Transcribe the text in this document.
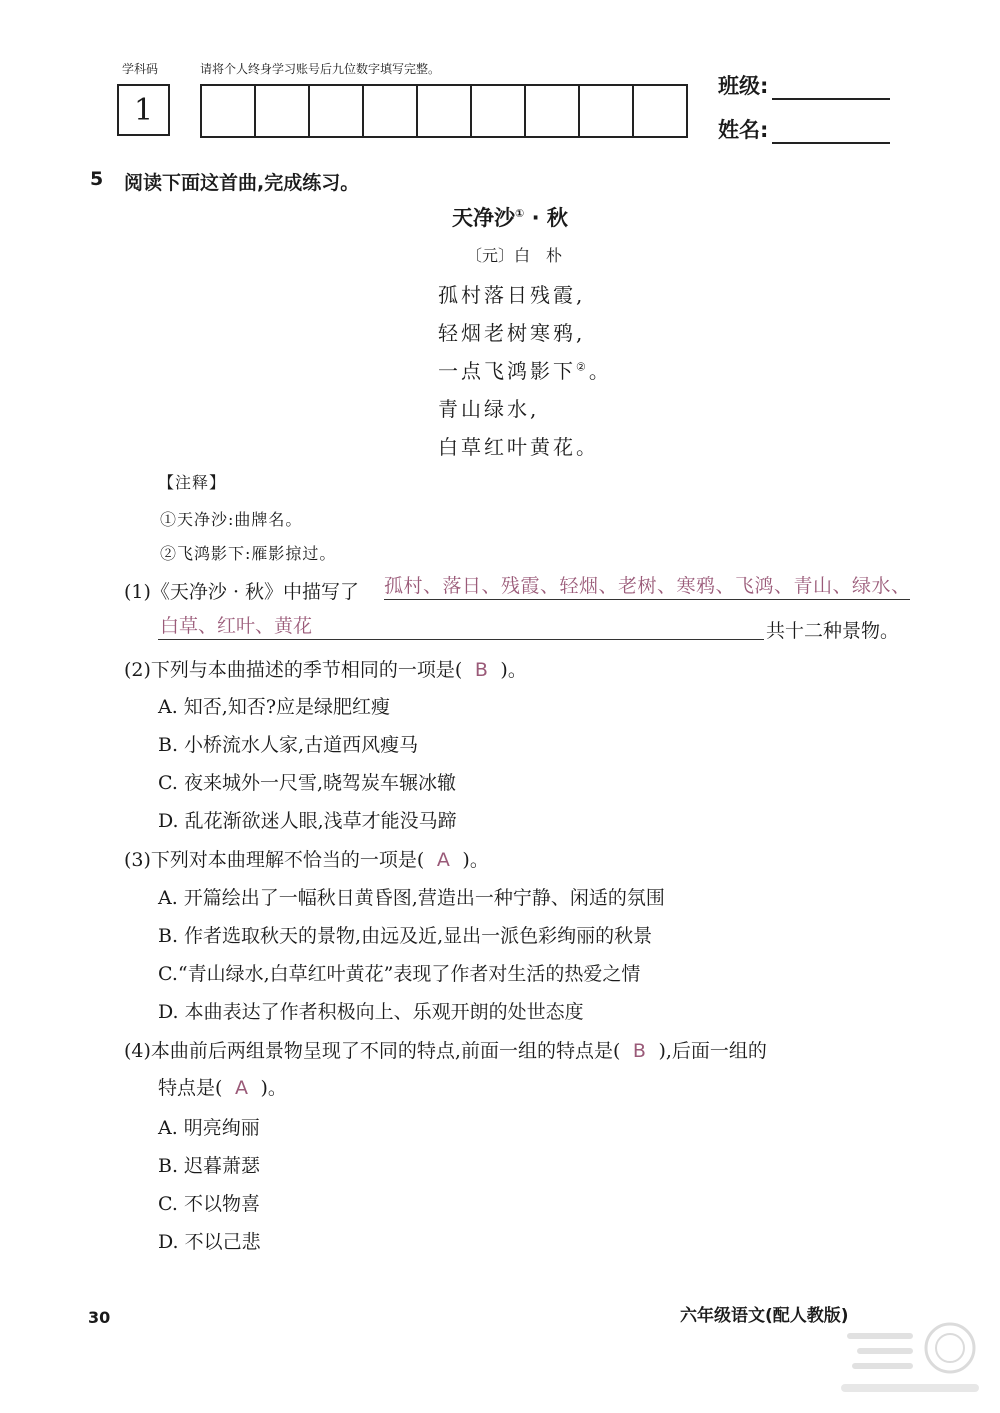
学科码	请将个人终身学习账号后九位数字填写完整。
1
班级:
姓名:
5 阅读下面这首曲,完成练习。
天净沙① · 秋
〔元〕白　朴
孤村落日残霞,
轻烟老树寒鸦,
一点飞鸿影下②。
青山绿水,
白草红叶黄花。
【注释】
①天净沙:曲牌名。
②飞鸿影下:雁影掠过。
(1)《天净沙 · 秋》中描写了 孤村、落日、残霞、轻烟、老树、寒鸦、飞鸿、青山、绿水、
白草、红叶、黄花	共十二种景物。
(2)下列与本曲描述的季节相同的一项是( B )。
A. 知否,知否?应是绿肥红瘦
B. 小桥流水人家,古道西风瘦马
C. 夜来城外一尺雪,晓驾炭车辗冰辙
D. 乱花渐欲迷人眼,浅草才能没马蹄
(3)下列对本曲理解不恰当的一项是( A )。
A. 开篇绘出了一幅秋日黄昏图,营造出一种宁静、闲适的氛围
B. 作者选取秋天的景物,由远及近,显出一派色彩绚丽的秋景
C.“青山绿水,白草红叶黄花”表现了作者对生活的热爱之情
D. 本曲表达了作者积极向上、乐观开朗的处世态度
(4)本曲前后两组景物呈现了不同的特点,前面一组的特点是( B ),后面一组的
特点是( A )。
A. 明亮绚丽
B. 迟暮萧瑟
C. 不以物喜
D. 不以己悲
30	六年级语文(配人教版)
